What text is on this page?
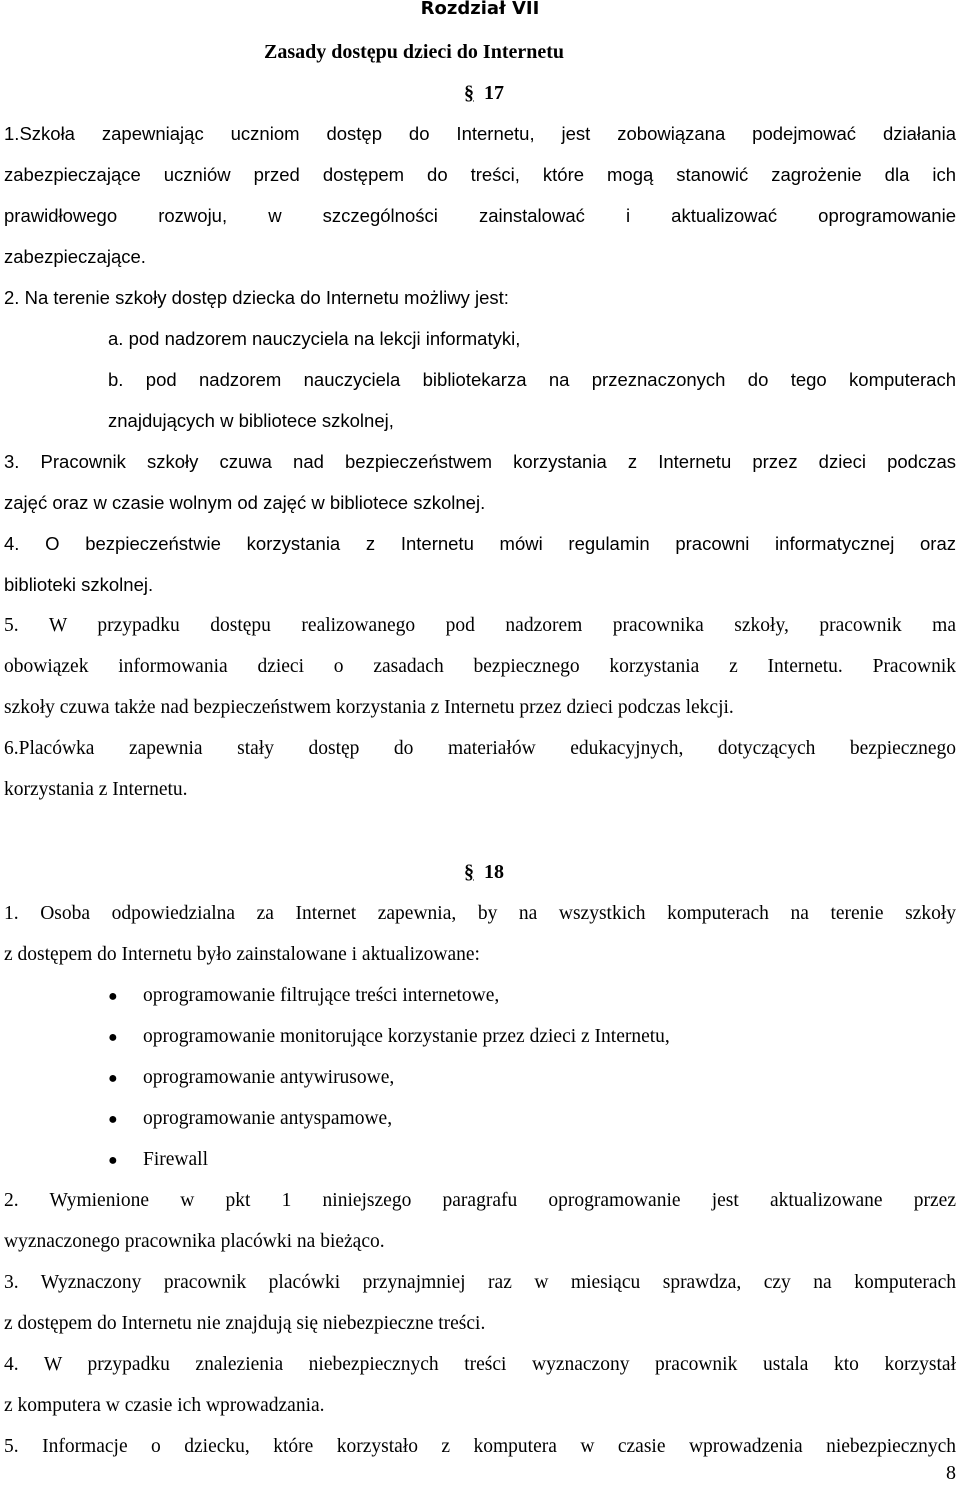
Rozdział VII
Zasady dostępu dzieci do Internetu
§ 17
1.Szkoła zapewniając uczniom dostęp do Internetu, jest zobowiązana podejmować działania
zabezpieczające uczniów przed dostępem do treści, które mogą stanowić zagrożenie dla ich
prawidłowego rozwoju, w szczególności zainstalować i aktualizować oprogramowanie
zabezpieczające.
2. Na terenie szkoły dostęp dziecka do Internetu możliwy jest:
a. pod nadzorem nauczyciela na lekcji informatyki,
b. pod nadzorem nauczyciela bibliotekarza na przeznaczonych do tego komputerach
znajdujących w bibliotece szkolnej,
3. Pracownik szkoły czuwa nad bezpieczeństwem korzystania z Internetu przez dzieci podczas
zajęć oraz w czasie wolnym od zajęć w bibliotece szkolnej.
4. O bezpieczeństwie korzystania z Internetu mówi regulamin pracowni informatycznej oraz
biblioteki szkolnej.
5. W przypadku dostępu realizowanego pod nadzorem pracownika szkoły, pracownik ma
obowiązek informowania dzieci o zasadach bezpiecznego korzystania z Internetu. Pracownik
szkoły czuwa także nad bezpieczeństwem korzystania z Internetu przez dzieci podczas lekcji.
6.Placówka zapewnia stały dostęp do materiałów edukacyjnych, dotyczących bezpiecznego
korzystania z Internetu.
§ 18
1. Osoba odpowiedzialna za Internet zapewnia, by na wszystkich komputerach na terenie szkoły
z dostępem do Internetu było zainstalowane i aktualizowane:
● oprogramowanie filtrujące treści internetowe,
● oprogramowanie monitorujące korzystanie przez dzieci z Internetu,
● oprogramowanie antywirusowe,
● oprogramowanie antyspamowe,
● Firewall
2. Wymienione w pkt 1 niniejszego paragrafu oprogramowanie jest aktualizowane przez
wyznaczonego pracownika placówki na bieżąco.
3. Wyznaczony pracownik placówki przynajmniej raz w miesiącu sprawdza, czy na komputerach
z dostępem do Internetu nie znajdują się niebezpieczne treści.
4. W przypadku znalezienia niebezpiecznych treści wyznaczony pracownik ustala kto korzystał
z komputera w czasie ich wprowadzania.
5. Informacje o dziecku, które korzystało z komputera w czasie wprowadzenia niebezpiecznych
8
